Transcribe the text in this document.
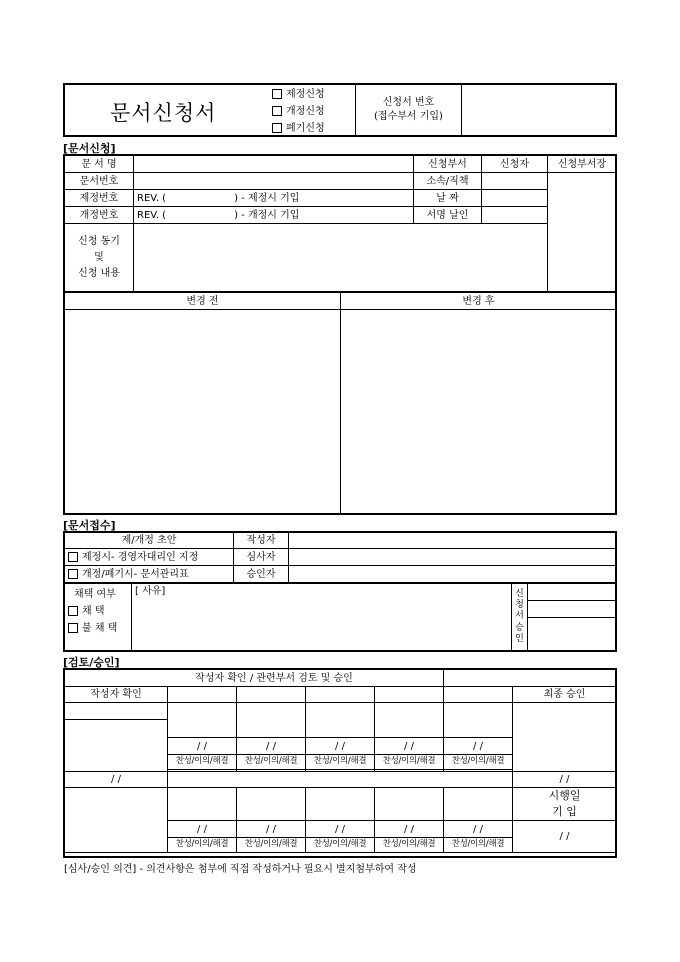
문서신청서
제정신청
개정신청
폐기신청
신청서 번호
(접수부서 기입)
[문서신청]
문 서 명		신청부서	신청자	신청부서장
문서번호		소속/직책		
제정번호	REV. ( ) - 제정시 기입	날 짜		
개정번호	REV. ( ) - 개정시 기입	서명 날인		

신청 동기
및
신청 내용				

변경 전	변경 후

[문서접수]
제/개정 초안	작성자	
제정시- 경영자대리인 지정	심사자	
개정/폐기시- 문서관리표	승인자	
채택 여부
채 택
불 채 택
	[ 사유]	신
청
서
승
인

[검토/승인]
작성자 확인 / 관련부서 검토 및 승인						
작성자 확인						최종 승인

	/ /	/ /	/ /	/ /	/ /	
	찬성/이의/해결	찬성/이의/해결	찬성/이의/해결	찬성/이의/해결	찬성/이의/해결	

/ /						/ /

						시행일
기 입

	/ /	/ /	/ /	/ /	/ /	/ /
	찬성/이의/해결	찬성/이의/해결	찬성/이의/해결	찬성/이의/해결	찬성/이의/해결	
[심사/승인 의견] - 의견사항은 첨부에 직접 작성하거나 필요시 별지첨부하여 작성
